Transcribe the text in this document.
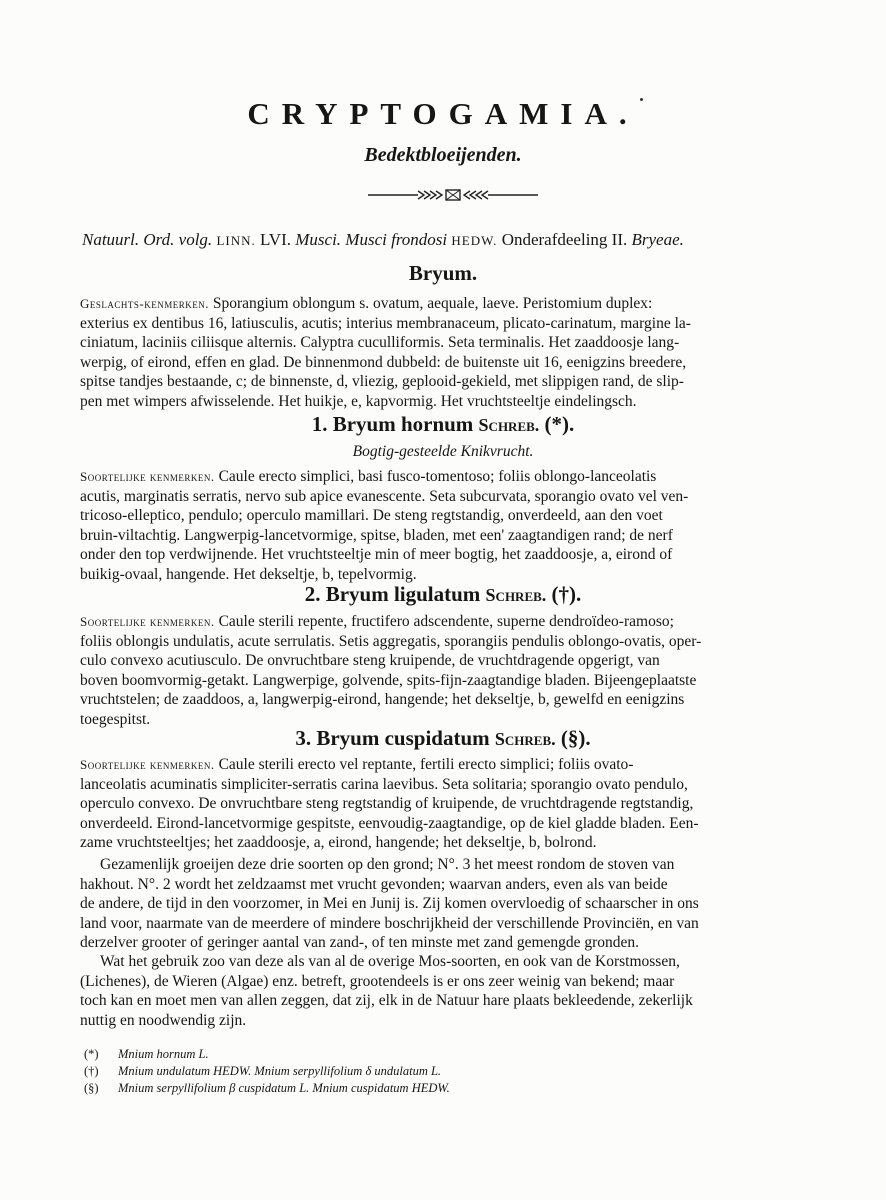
CRYPTOGAMIA.
Bedektbloeijenden.
Natuurl. Ord. volg. LINN. LVI. Musci. Musci frondosi HEDW. Onderafdeeling II. Bryeae.
Bryum.
Geslachts-kenmerken. Sporangium oblongum s. ovatum, aequale, laeve. Peristomium duplex:
exterius ex dentibus 16, latiusculis, acutis; interius membranaceum, plicato-carinatum, margine la-
ciniatum, laciniis ciliisque alternis. Calyptra cuculliformis. Seta terminalis. Het zaaddoosje lang-
werpig, of eirond, effen en glad. De binnenmond dubbeld: de buitenste uit 16, eenigzins breedere,
spitse tandjes bestaande, c; de binnenste, d, vliezig, geplooid-gekield, met slippigen rand, de slip-
pen met wimpers afwisselende. Het huikje, e, kapvormig. Het vruchtsteeltje eindelingsch.
1. Bryum hornum Schreb. (*).
Bogtig-gesteelde Knikvrucht.
Soortelijke kenmerken. Caule erecto simplici, basi fusco-tomentoso; foliis oblongo-lanceolatis
acutis, marginatis serratis, nervo sub apice evanescente. Seta subcurvata, sporangio ovato vel ven-
tricoso-elleptico, pendulo; operculo mamillari. De steng regtstandig, onverdeeld, aan den voet
bruin-viltachtig. Langwerpig-lancetvormige, spitse, bladen, met een' zaagtandigen rand; de nerf
onder den top verdwijnende. Het vruchtsteeltje min of meer bogtig, het zaaddoosje, a, eirond of
buikig-ovaal, hangende. Het dekseltje, b, tepelvormig.
2. Bryum ligulatum Schreb. (†).
Soortelijke kenmerken. Caule sterili repente, fructifero adscendente, superne dendroïdeo-ramoso;
foliis oblongis undulatis, acute serrulatis. Setis aggregatis, sporangiis pendulis oblongo-ovatis, oper-
culo convexo acutiusculo. De onvruchtbare steng kruipende, de vruchtdragende opgerigt, van
boven boomvormig-getakt. Langwerpige, golvende, spits-fijn-zaagtandige bladen. Bijeengeplaatste
vruchtstelen; de zaaddoos, a, langwerpig-eirond, hangende; het dekseltje, b, gewelfd en eenigzins
toegespitst.
3. Bryum cuspidatum Schreb. (§).
Soortelijke kenmerken. Caule sterili erecto vel reptante, fertili erecto simplici; foliis ovato-
lanceolatis acuminatis simpliciter-serratis carina laevibus. Seta solitaria; sporangio ovato pendulo,
operculo convexo. De onvruchtbare steng regtstandig of kruipende, de vruchtdragende regtstandig,
onverdeeld. Eirond-lancetvormige gespitste, eenvoudig-zaagtandige, op de kiel gladde bladen. Een-
zame vruchtsteeltjes; het zaaddoosje, a, eirond, hangende; het dekseltje, b, bolrond.
Gezamenlijk groeijen deze drie soorten op den grond; N°. 3 het meest rondom de stoven van
hakhout. N°. 2 wordt het zeldzaamst met vrucht gevonden; waarvan anders, even als van beide
de andere, de tijd in den voorzomer, in Mei en Junij is. Zij komen overvloedig of schaarscher in ons
land voor, naarmate van de meerdere of mindere boschrijkheid der verschillende Provinciën, en van
derzelver grooter of geringer aantal van zand-, of ten minste met zand gemengde gronden.
Wat het gebruik zoo van deze als van al de overige Mos-soorten, en ook van de Korstmossen,
(Lichenes), de Wieren (Algae) enz. betreft, grootendeels is er ons zeer weinig van bekend; maar
toch kan en moet men van allen zeggen, dat zij, elk in de Natuur hare plaats bekleedende, zekerlijk
nuttig en noodwendig zijn.
(*) Mnium hornum L.
(†) Mnium undulatum HEDW. Mnium serpyllifolium δ undulatum L.
(§) Mnium serpyllifolium β cuspidatum L. Mnium cuspidatum HEDW.
